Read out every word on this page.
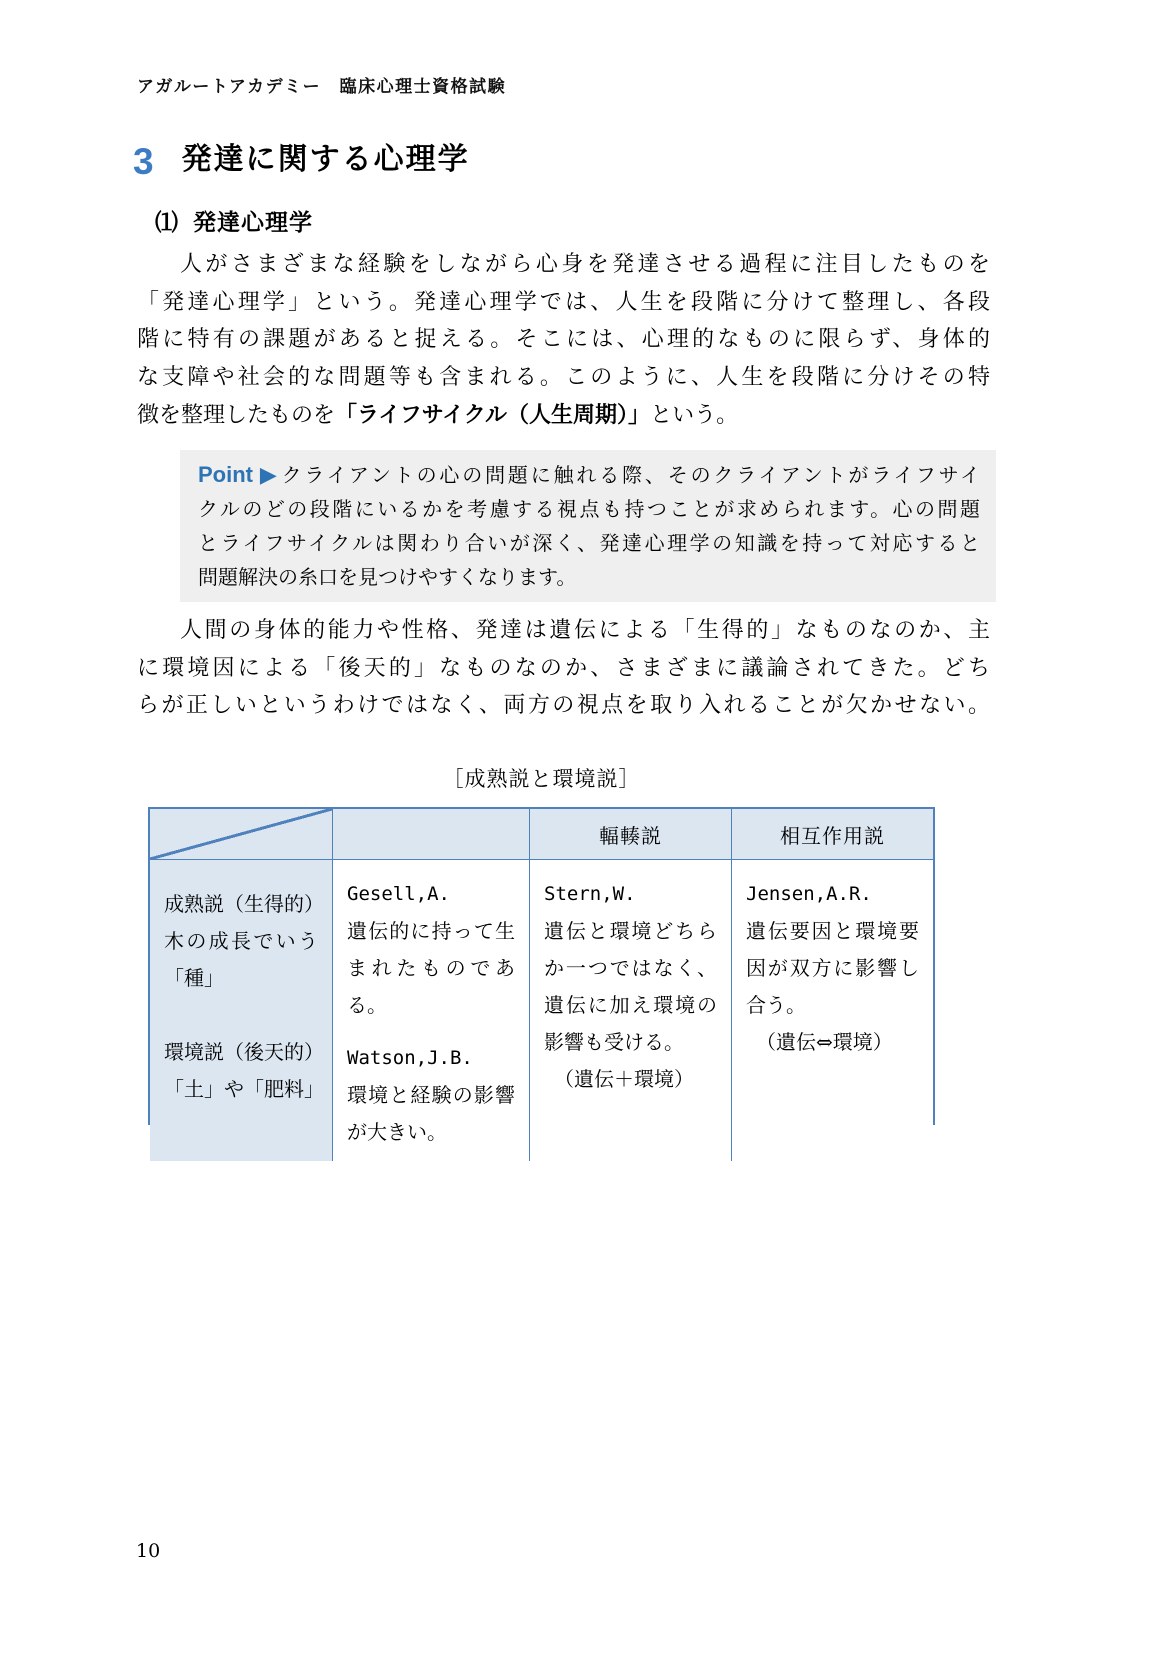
アガルートアカデミー　臨床心理士資格試験
3 発達に関する心理学
⑴ 発達心理学
人がさまざまな経験をしながら心身を発達させる過程に注目したものを
「発達心理学」という。発達心理学では、人生を段階に分けて整理し、各段
階に特有の課題があると捉える。そこには、心理的なものに限らず、身体的
な支障や社会的な問題等も含まれる。このように、人生を段階に分けその特
徴を整理したものを「ライフサイクル（人生周期）」という。
Point ▶ クライアントの心の問題に触れる際、そのクライアントがライフサイ
クルのどの段階にいるかを考慮する視点も持つことが求められます。心の問題
とライフサイクルは関わり合いが深く、発達心理学の知識を持って対応すると
問題解決の糸口を見つけやすくなります。
人間の身体的能力や性格、発達は遺伝による「生得的」なものなのか、主
に環境因による「後天的」なものなのか、さまざまに議論されてきた。どち
らが正しいというわけではなく、両方の視点を取り入れることが欠かせない。
［成熟説と環境説］
輻輳説	相互作用説
成熟説（生得的）
木の成長でいう
「種」
環境説（後天的）
「土」や「肥料」
Gesell,A.
遺伝的に持って生
まれたものであ
る。
Watson,J.B.
環境と経験の影響
が大きい。
Stern,W.
遺伝と環境どちら
か一つではなく、
遺伝に加え環境の
影響も受ける。
（遺伝＋環境）
Jensen,A.R.
遺伝要因と環境要
因が双方に影響し
合う。
（遺伝⇔環境）
10
